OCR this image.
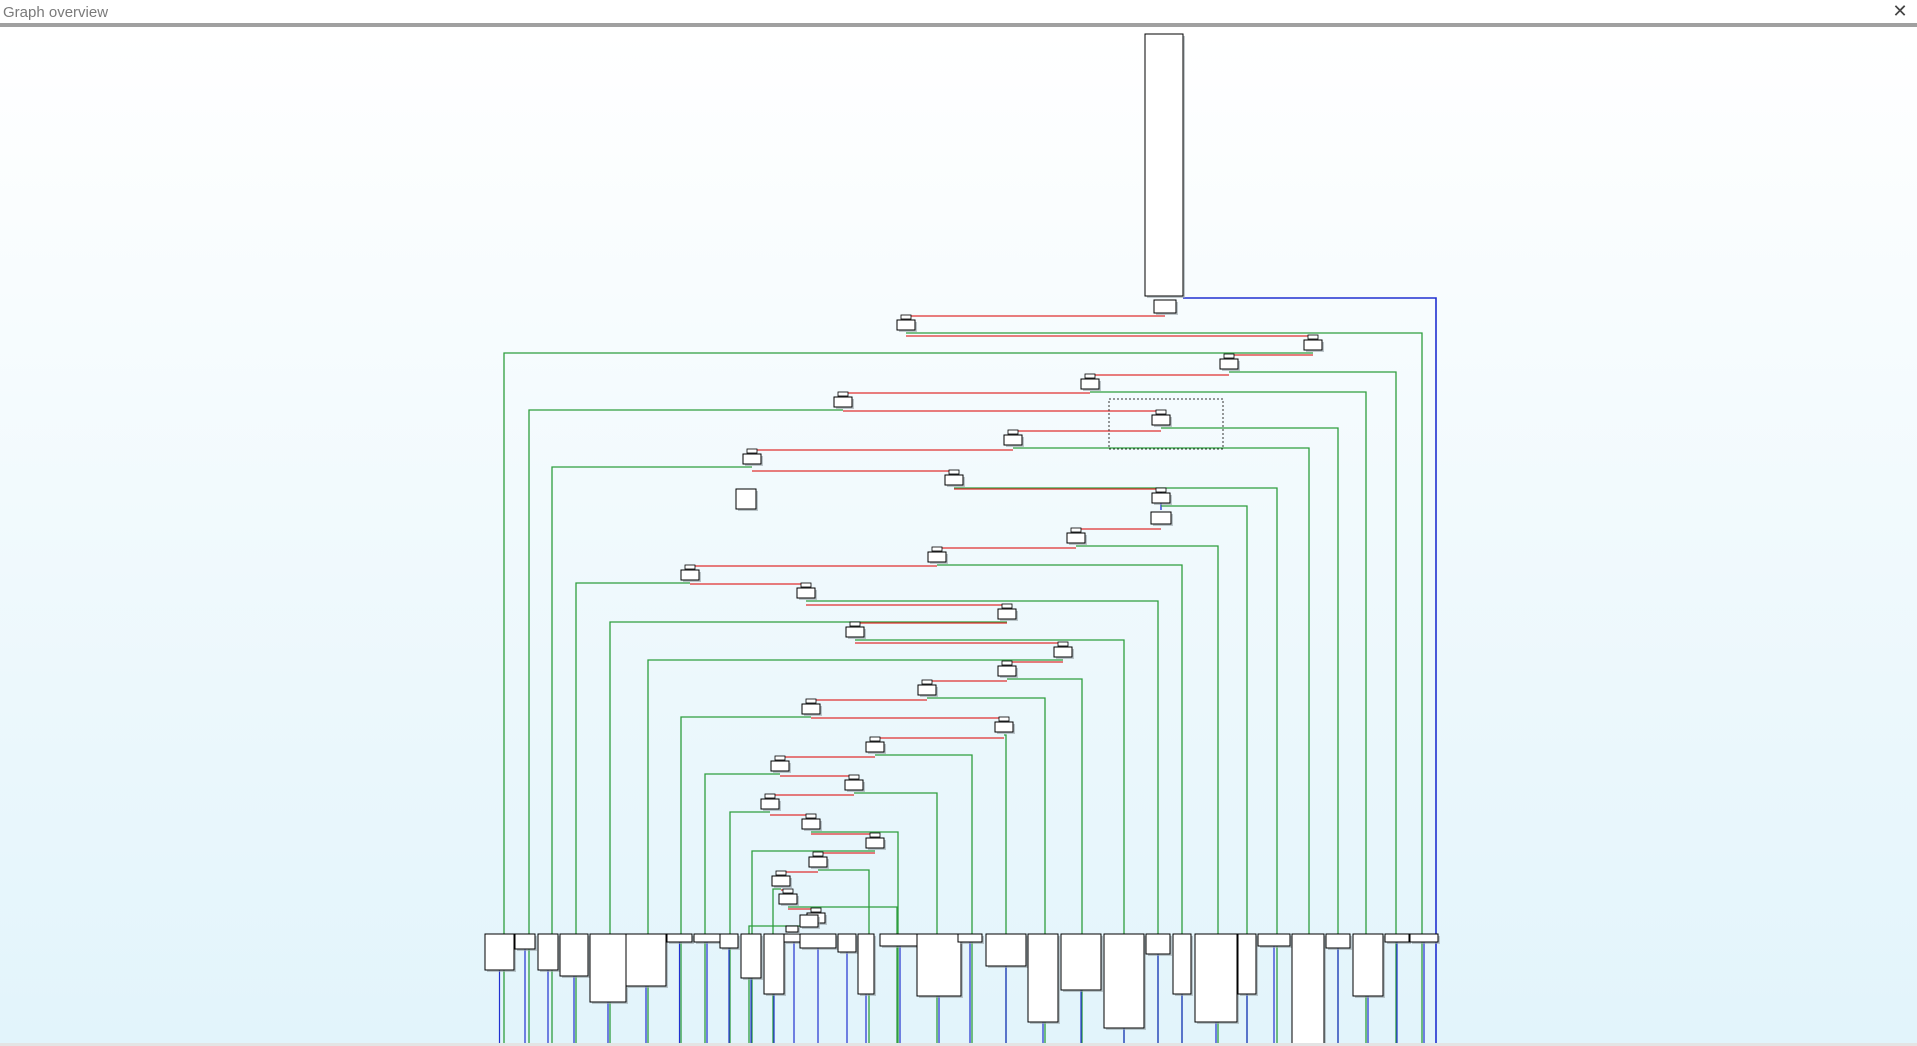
Graph overview	✕
